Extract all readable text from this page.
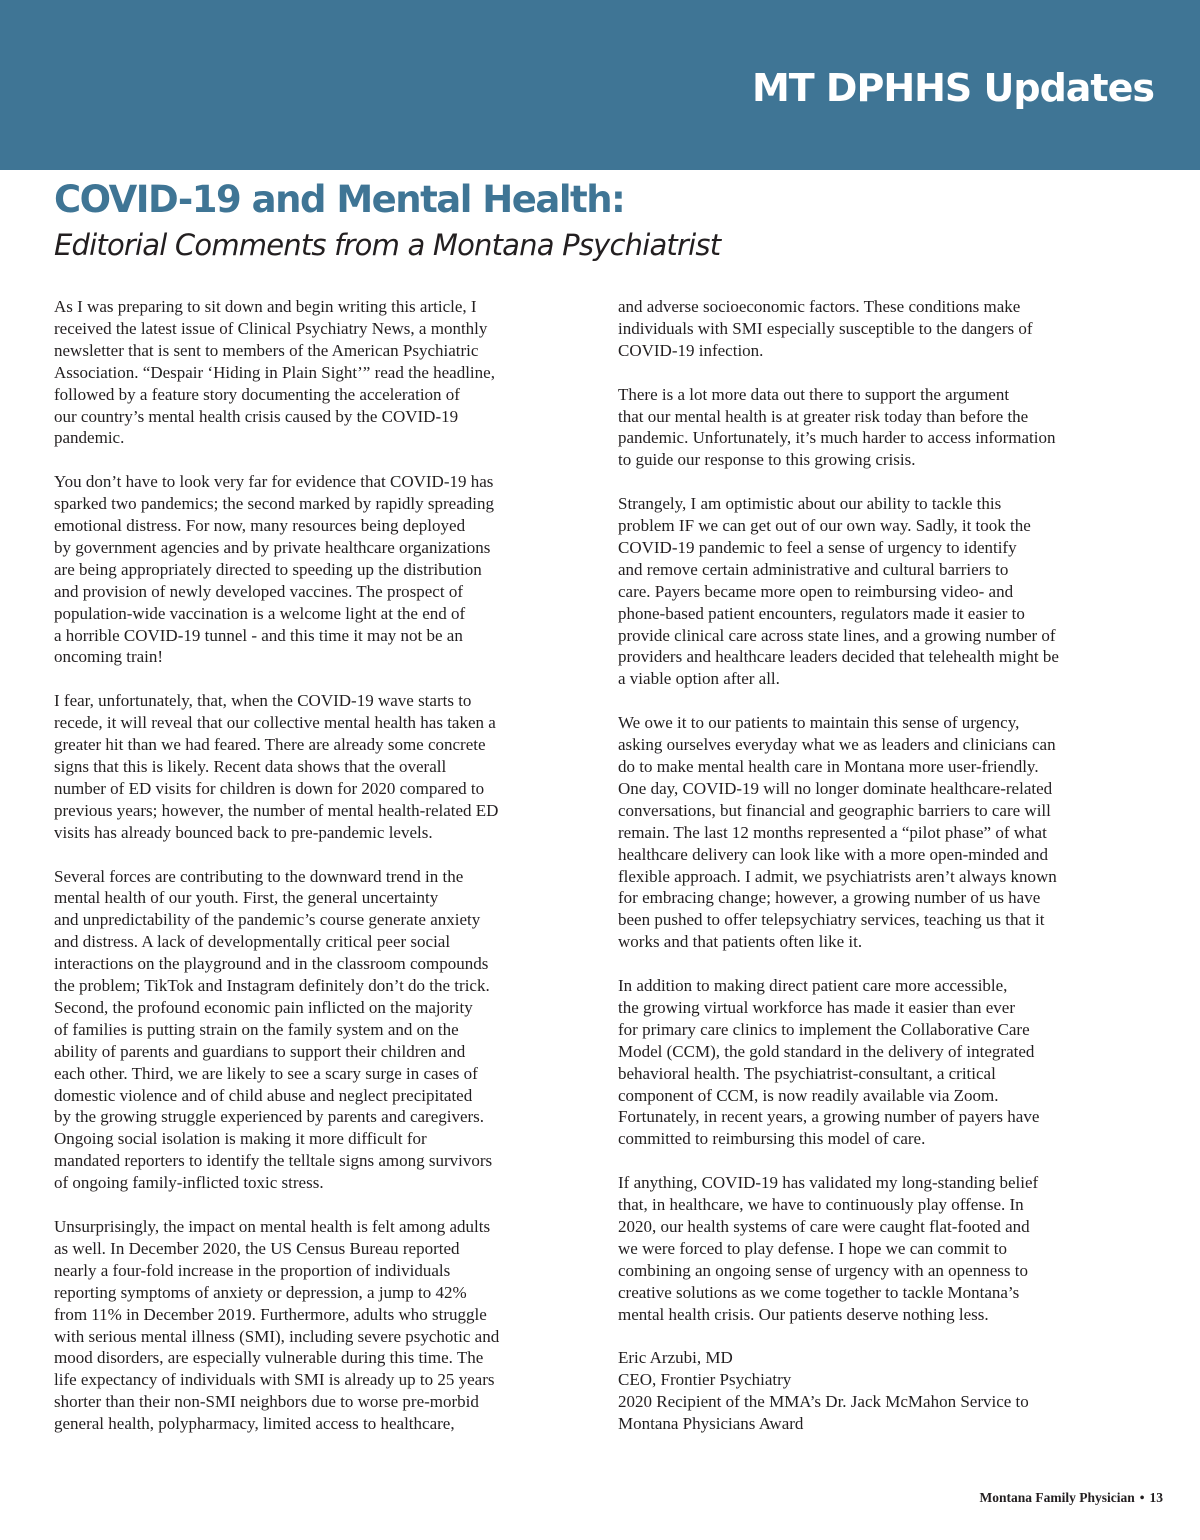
MT DPHHS Updates
COVID-19 and Mental Health:
Editorial Comments from a Montana Psychiatrist
As I was preparing to sit down and begin writing this article, I
received the latest issue of Clinical Psychiatry News, a monthly
newsletter that is sent to members of the American Psychiatric
Association. “Despair ‘Hiding in Plain Sight’” read the headline,
followed by a feature story documenting the acceleration of
our country’s mental health crisis caused by the COVID-19
pandemic.
You don’t have to look very far for evidence that COVID-19 has
sparked two pandemics; the second marked by rapidly spreading
emotional distress. For now, many resources being deployed
by government agencies and by private healthcare organizations
are being appropriately directed to speeding up the distribution
and provision of newly developed vaccines. The prospect of
population-wide vaccination is a welcome light at the end of
a horrible COVID-19 tunnel - and this time it may not be an
oncoming train!
I fear, unfortunately, that, when the COVID-19 wave starts to
recede, it will reveal that our collective mental health has taken a
greater hit than we had feared. There are already some concrete
signs that this is likely. Recent data shows that the overall
number of ED visits for children is down for 2020 compared to
previous years; however, the number of mental health-related ED
visits has already bounced back to pre-pandemic levels.
Several forces are contributing to the downward trend in the
mental health of our youth. First, the general uncertainty
and unpredictability of the pandemic’s course generate anxiety
and distress. A lack of developmentally critical peer social
interactions on the playground and in the classroom compounds
the problem; TikTok and Instagram definitely don’t do the trick.
Second, the profound economic pain inflicted on the majority
of families is putting strain on the family system and on the
ability of parents and guardians to support their children and
each other. Third, we are likely to see a scary surge in cases of
domestic violence and of child abuse and neglect precipitated
by the growing struggle experienced by parents and caregivers.
Ongoing social isolation is making it more difficult for
mandated reporters to identify the telltale signs among survivors
of ongoing family-inflicted toxic stress.
Unsurprisingly, the impact on mental health is felt among adults
as well. In December 2020, the US Census Bureau reported
nearly a four-fold increase in the proportion of individuals
reporting symptoms of anxiety or depression, a jump to 42%
from 11% in December 2019. Furthermore, adults who struggle
with serious mental illness (SMI), including severe psychotic and
mood disorders, are especially vulnerable during this time. The
life expectancy of individuals with SMI is already up to 25 years
shorter than their non-SMI neighbors due to worse pre-morbid
general health, polypharmacy, limited access to healthcare,
and adverse socioeconomic factors. These conditions make
individuals with SMI especially susceptible to the dangers of
COVID-19 infection.
There is a lot more data out there to support the argument
that our mental health is at greater risk today than before the
pandemic. Unfortunately, it’s much harder to access information
to guide our response to this growing crisis.
Strangely, I am optimistic about our ability to tackle this
problem IF we can get out of our own way. Sadly, it took the
COVID-19 pandemic to feel a sense of urgency to identify
and remove certain administrative and cultural barriers to
care. Payers became more open to reimbursing video- and
phone-based patient encounters, regulators made it easier to
provide clinical care across state lines, and a growing number of
providers and healthcare leaders decided that telehealth might be
a viable option after all.
We owe it to our patients to maintain this sense of urgency,
asking ourselves everyday what we as leaders and clinicians can
do to make mental health care in Montana more user-friendly.
One day, COVID-19 will no longer dominate healthcare-related
conversations, but financial and geographic barriers to care will
remain. The last 12 months represented a “pilot phase” of what
healthcare delivery can look like with a more open-minded and
flexible approach. I admit, we psychiatrists aren’t always known
for embracing change; however, a growing number of us have
been pushed to offer telepsychiatry services, teaching us that it
works and that patients often like it.
In addition to making direct patient care more accessible,
the growing virtual workforce has made it easier than ever
for primary care clinics to implement the Collaborative Care
Model (CCM), the gold standard in the delivery of integrated
behavioral health. The psychiatrist-consultant, a critical
component of CCM, is now readily available via Zoom.
Fortunately, in recent years, a growing number of payers have
committed to reimbursing this model of care.
If anything, COVID-19 has validated my long-standing belief
that, in healthcare, we have to continuously play offense. In
2020, our health systems of care were caught flat-footed and
we were forced to play defense. I hope we can commit to
combining an ongoing sense of urgency with an openness to
creative solutions as we come together to tackle Montana’s
mental health crisis. Our patients deserve nothing less.
Eric Arzubi, MD
CEO, Frontier Psychiatry
2020 Recipient of the MMA’s Dr. Jack McMahon Service to
Montana Physicians Award
Montana Family Physician • 13
